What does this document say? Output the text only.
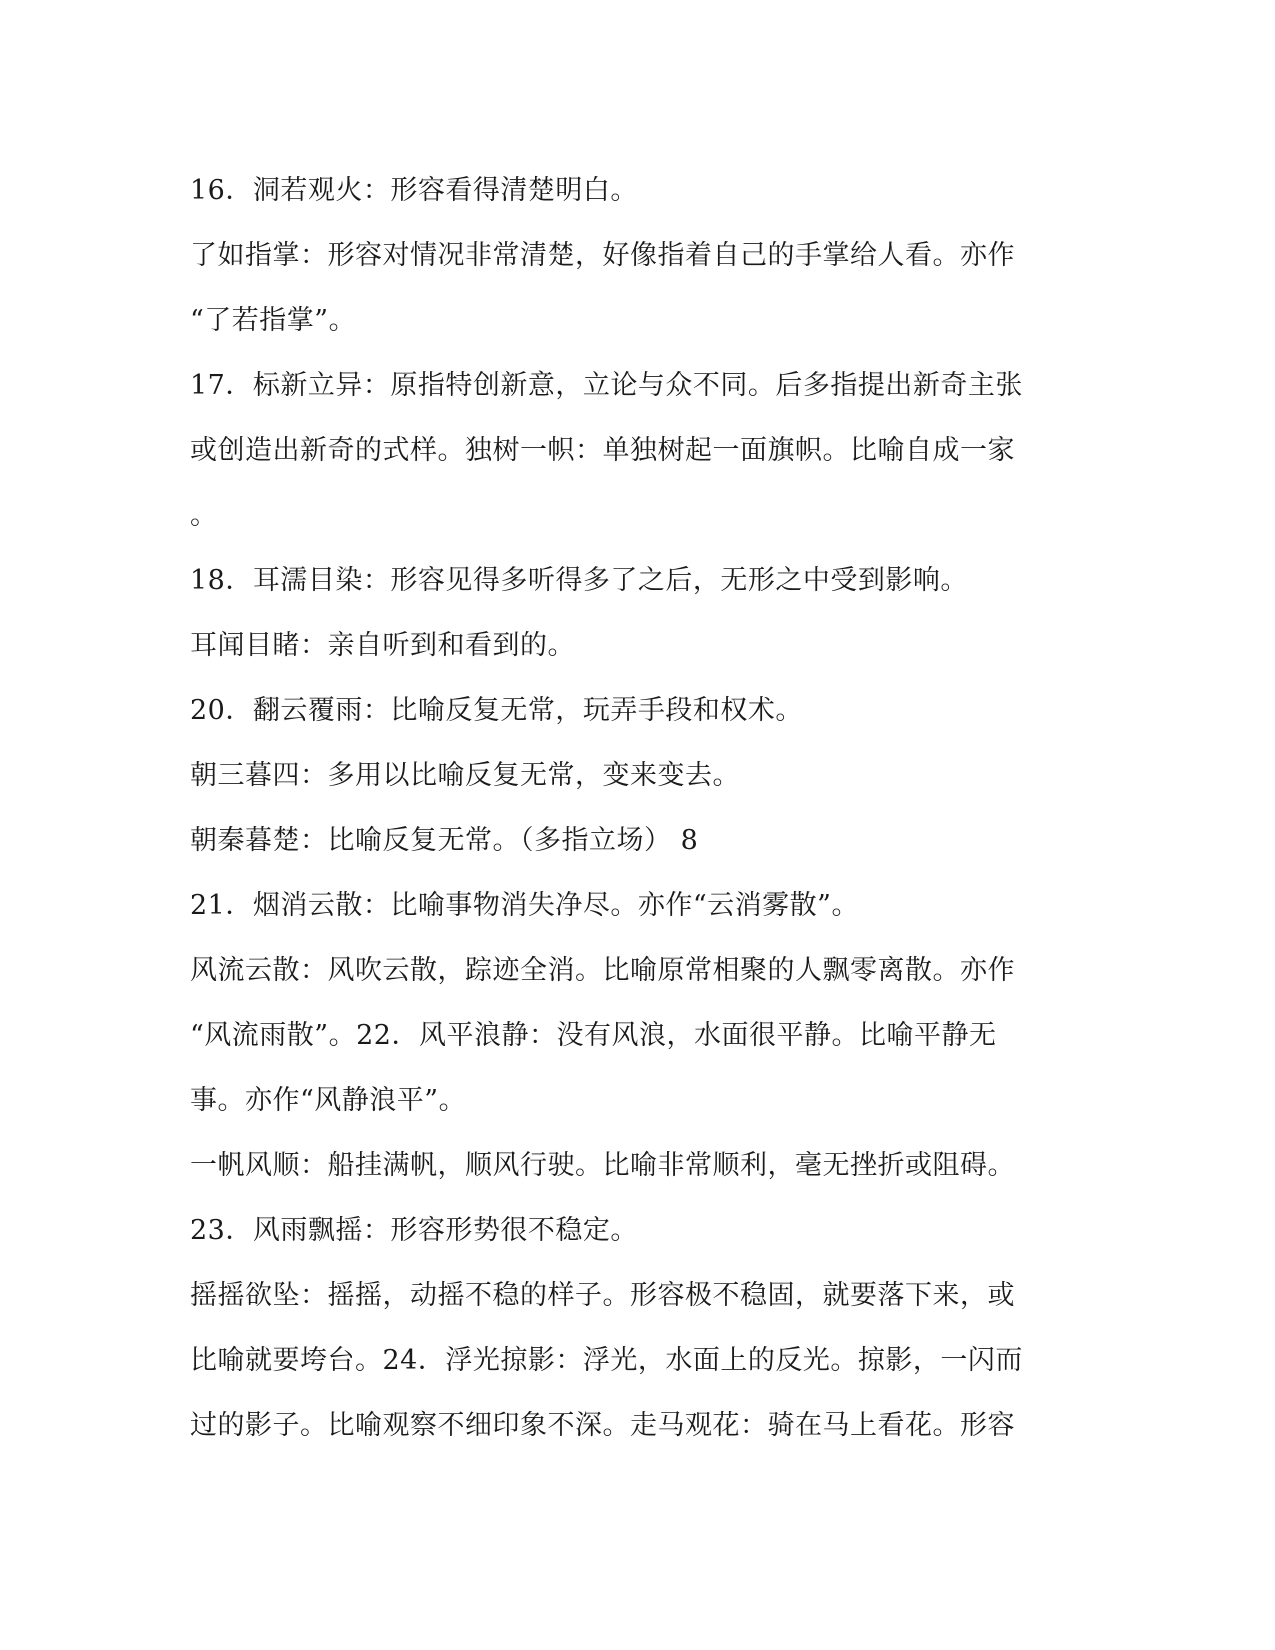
16．洞若观火：形容看得清楚明白。
了如指掌：形容对情况非常清楚，好像指着自己的手掌给人看。亦作
“了若指掌”。
17．标新立异：原指特创新意，立论与众不同。后多指提出新奇主张
或创造出新奇的式样。独树一帜：单独树起一面旗帜。比喻自成一家
。
18．耳濡目染：形容见得多听得多了之后，无形之中受到影响。
耳闻目睹：亲自听到和看到的。
20．翻云覆雨：比喻反复无常，玩弄手段和权术。
朝三暮四：多用以比喻反复无常，变来变去。
朝秦暮楚：比喻反复无常。（多指立场） 8
21．烟消云散：比喻事物消失净尽。亦作“云消雾散”。
风流云散：风吹云散，踪迹全消。比喻原常相聚的人飘零离散。亦作
“风流雨散”。22．风平浪静：没有风浪，水面很平静。比喻平静无
事。亦作“风静浪平”。
一帆风顺：船挂满帆，顺风行驶。比喻非常顺利，毫无挫折或阻碍。
23．风雨飘摇：形容形势很不稳定。
摇摇欲坠：摇摇，动摇不稳的样子。形容极不稳固，就要落下来，或
比喻就要垮台。24．浮光掠影：浮光，水面上的反光。掠影，一闪而
过的影子。比喻观察不细印象不深。走马观花：骑在马上看花。形容
